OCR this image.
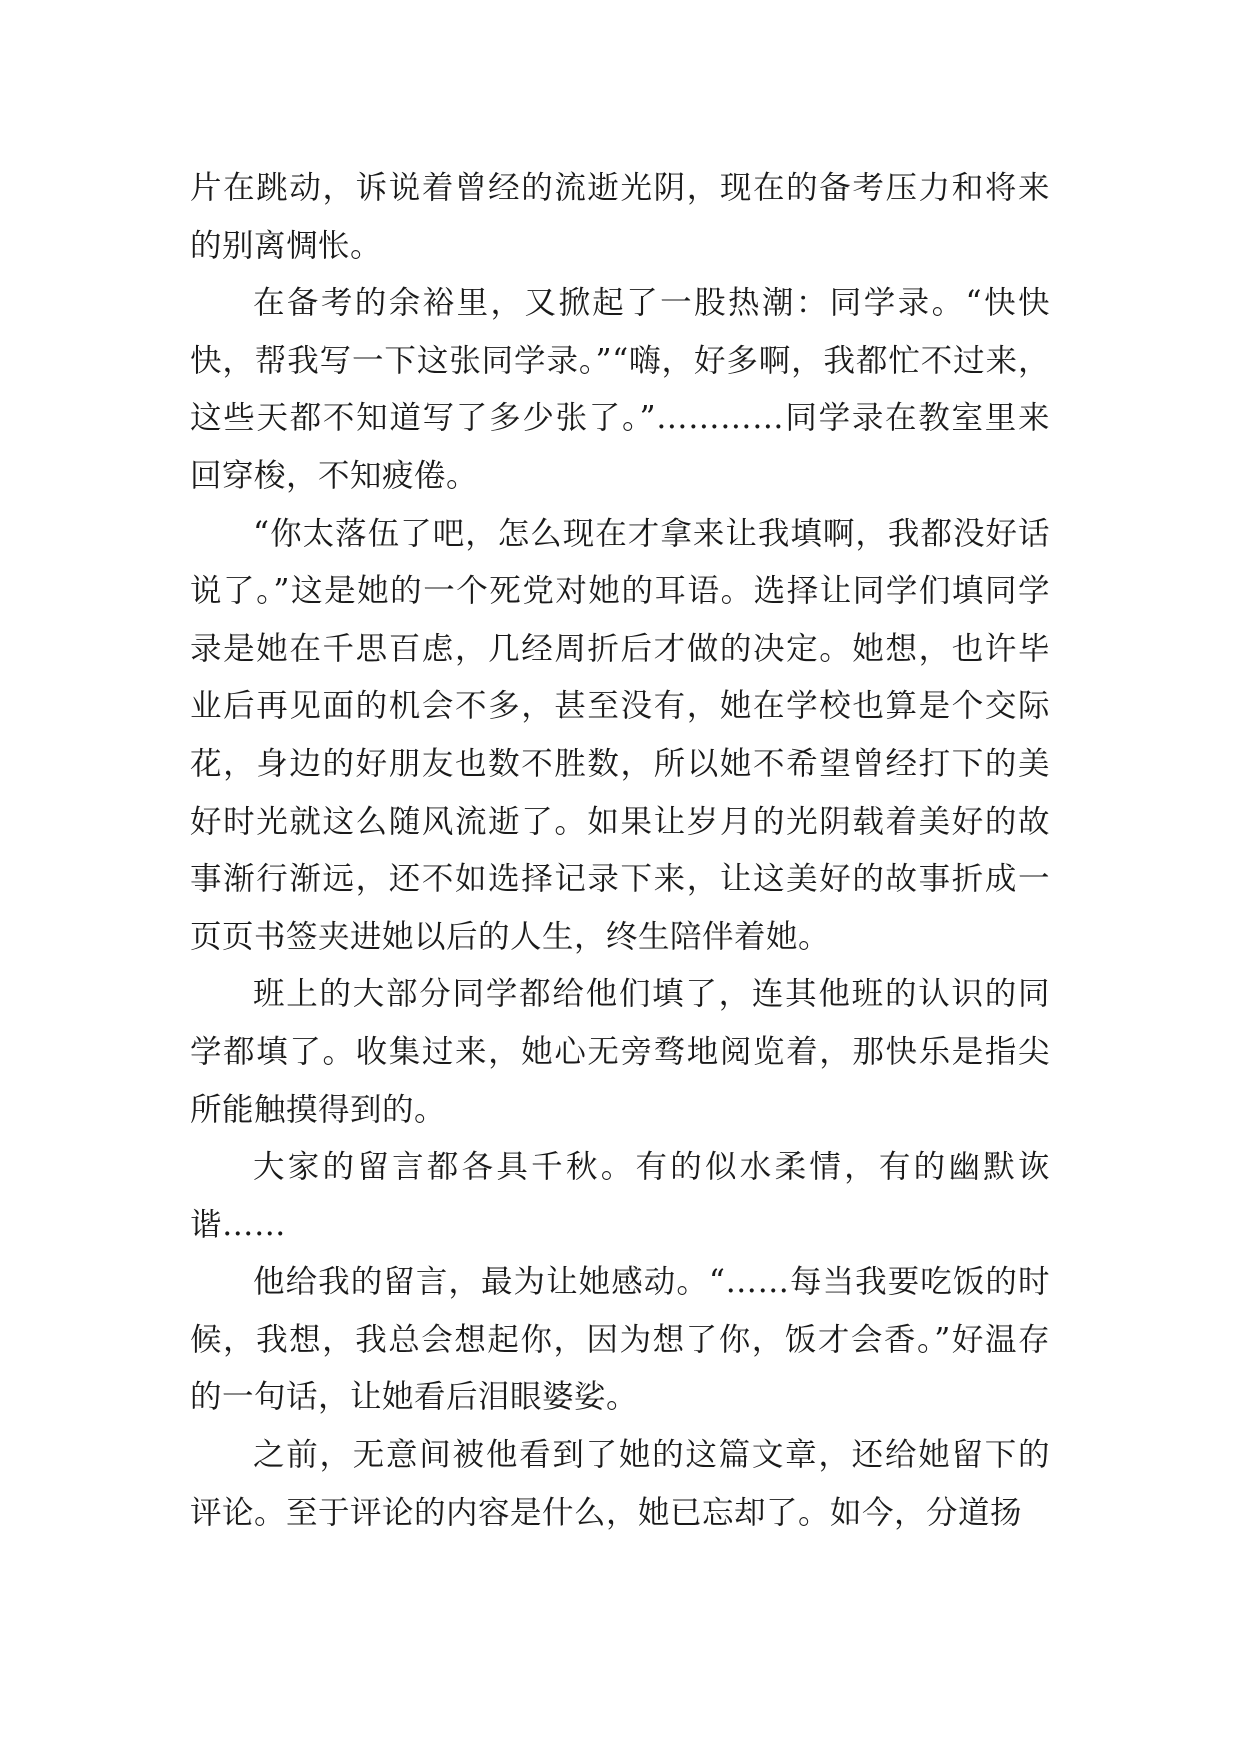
片在跳动，诉说着曾经的流逝光阴，现在的备考压力和将来的别离惆怅。

在备考的余裕里，又掀起了一股热潮：同学录。“快快快，帮我写一下这张同学录。”“嗨，好多啊，我都忙不过来，这些天都不知道写了多少张了。”…………同学录在教室里来回穿梭，不知疲倦。

“你太落伍了吧，怎么现在才拿来让我填啊，我都没好话说了。”这是她的一个死党对她的耳语。选择让同学们填同学录是她在千思百虑，几经周折后才做的决定。她想，也许毕业后再见面的机会不多，甚至没有，她在学校也算是个交际花，身边的好朋友也数不胜数，所以她不希望曾经打下的美好时光就这么随风流逝了。如果让岁月的光阴载着美好的故事渐行渐远，还不如选择记录下来，让这美好的故事折成一页页书签夹进她以后的人生，终生陪伴着她。

班上的大部分同学都给他们填了，连其他班的认识的同学都填了。收集过来，她心无旁骛地阅览着，那快乐是指尖所能触摸得到的。

大家的留言都各具千秋。有的似水柔情，有的幽默诙谐……

他给我的留言，最为让她感动。“……每当我要吃饭的时候，我想，我总会想起你，因为想了你，饭才会香。”好温存的一句话，让她看后泪眼婆娑。

之前，无意间被他看到了她的这篇文章，还给她留下的评论。至于评论的内容是什么，她已忘却了。如今，分道扬
